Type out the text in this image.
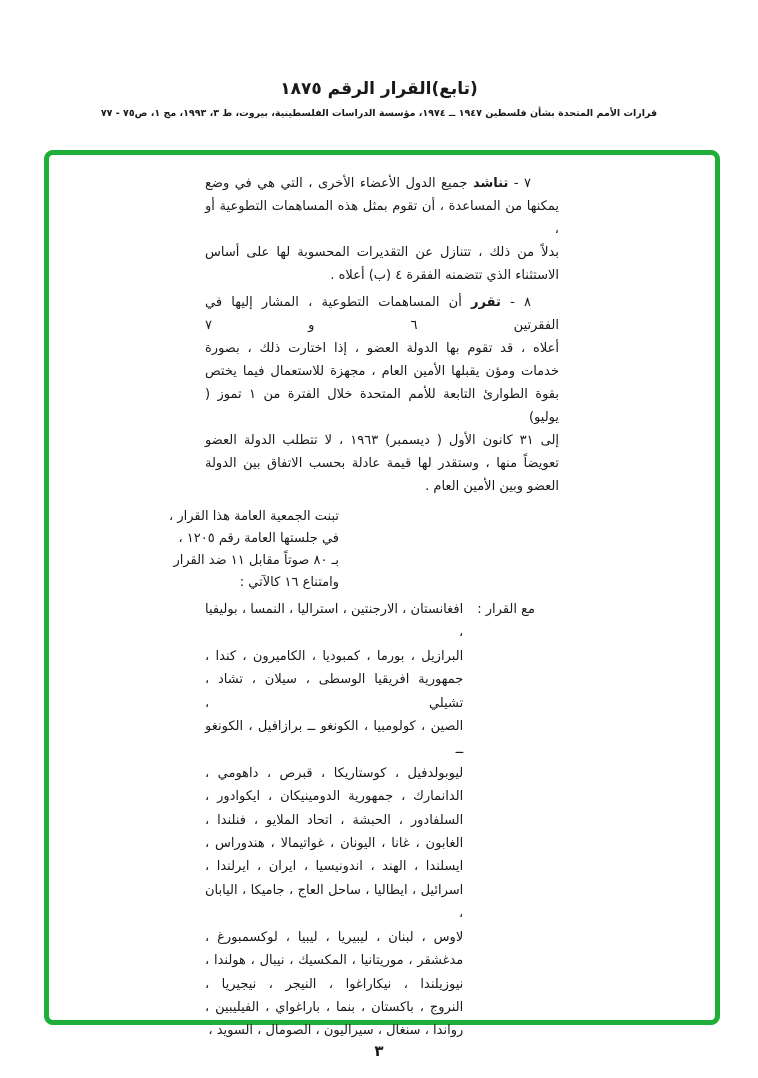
(تابع)القرار الرقم ١٨٧٥
قرارات الأمم المتحدة بشأن فلسطين ١٩٤٧ ــ ١٩٧٤، مؤسسة الدراسات الفلسطينية، بيروت، ط ٣، ١٩٩٣، مج ١، ص٧٥ - ٧٧
٧ - تناشد جميع الدول الأعضاء الأخرى ، التي هي في وضع
يمكنها من المساعدة ، أن تقوم بمثل هذه المساهمات التطوعية أو ،
بدلاً من ذلك ، تتنازل عن التقديرات المحسوبة لها على أساس
الاستثناء الذي تتضمنه الفقرة ٤ (ب) أعلاه .
٨ - تقرر أن المساهمات التطوعية ، المشار إليها في الفقرتين ٦ و ٧
أعلاه ، قد تقوم بها الدولة العضو ، إذا اختارت ذلك ، بصورة
خدمات ومؤن يقبلها الأمين العام ، مجهزة للاستعمال فيما يختص
بقوة الطوارئ التابعة للأمم المتحدة خلال الفترة من ١ تموز ( يوليو)
إلى ٣١ كانون الأول ( ديسمبر) ١٩٦٣ ، لا تتطلب الدولة العضو
تعويضاً منها ، وستقدر لها قيمة عادلة بحسب الاتفاق بين الدولة
العضو وبين الأمين العام .
تبنت الجمعية العامة هذا القرار ،
في جلستها العامة رقم ١٢٠٥ ،
بـ ٨٠ صوتاً مقابل ١١ ضد القرار
وامتناع ١٦ كالآتي :
مع القرار :
افغانستان ، الارجنتين ، استراليا ، النمسا ، بوليفيا ،
البرازيل ، بورما ، كمبوديا ، الكاميرون ، كندا ،
جمهورية افريقيا الوسطى ، سيلان ، تشاد ، تشيلي ،
الصين ، كولومبيا ، الكونغو ــ برازافيل ، الكونغو ــ
ليوبولدفيل ، كوستاريكا ، قبرص ، داهومي ،
الدانمارك ، جمهورية الدومينيكان ، ايكوادور ،
السلفادور ، الحبشة ، اتحاد الملايو ، فنلندا ،
الغابون ، غانا ، اليونان ، غواتيمالا ، هندوراس ،
ايسلندا ، الهند ، اندونيسيا ، ايران ، ايرلندا ،
اسرائيل ، ايطاليا ، ساحل العاج ، جاميكا ، اليابان ،
لاوس ، لبنان ، ليبيريا ، ليبيا ، لوكسمبورغ ،
مدغشقر ، موريتانيا ، المكسيك ، نيبال ، هولندا ،
نيوزيلندا ، نيكاراغوا ، النيجر ، نيجيريا ،
النروج ، باكستان ، بنما ، باراغواي ، الفيليبين ،
رواندا ، سنغال ، سيراليون ، الصومال ، السويد ،
٣
